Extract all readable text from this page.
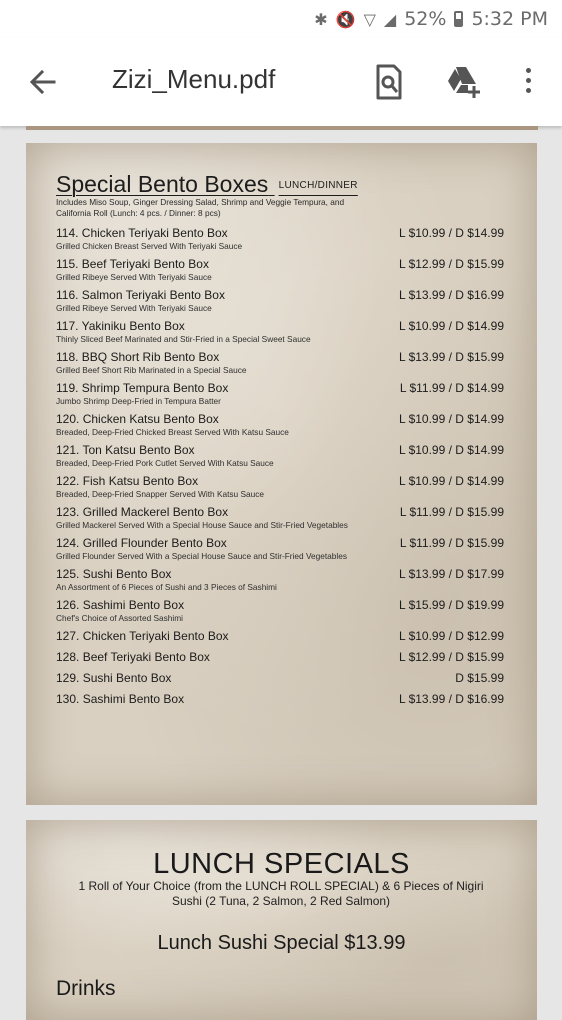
✱ 🔇 ▽ ◢ 52% 5:32 PM
Zizi_Menu.pdf
Special Bento Boxes LUNCH/DINNER
Includes Miso Soup, Ginger Dressing Salad, Shrimp and Veggie Tempura, and California Roll (Lunch: 4 pcs. / Dinner: 8 pcs)
114. Chicken Teriyaki Bento Box
Grilled Chicken Breast Served With Teriyaki Sauce
L $10.99 / D $14.99
115. Beef Teriyaki Bento Box
Grilled Ribeye Served With Teriyaki Sauce
L $12.99 / D $15.99
116. Salmon Teriyaki Bento Box
Grilled Ribeye Served With Teriyaki Sauce
L $13.99 / D $16.99
117. Yakiniku Bento Box
Thinly Sliced Beef Marinated and Stir-Fried in a Special Sweet Sauce
L $10.99 / D $14.99
118. BBQ Short Rib Bento Box
Grilled Beef Short Rib Marinated in a Special Sauce
L $13.99 / D $15.99
119. Shrimp Tempura Bento Box
Jumbo Shrimp Deep-Fried in Tempura Batter
L $11.99 / D $14.99
120. Chicken Katsu Bento Box
Breaded, Deep-Fried Chicked Breast Served With Katsu Sauce
L $10.99 / D $14.99
121. Ton Katsu Bento Box
Breaded, Deep-Fried Pork Cutlet Served With Katsu Sauce
L $10.99 / D $14.99
122. Fish Katsu Bento Box
Breaded, Deep-Fried Snapper Served With Katsu Sauce
L $10.99 / D $14.99
123. Grilled Mackerel Bento Box
Grilled Mackerel Served With a Special House Sauce and Stir-Fried Vegetables
L $11.99 / D $15.99
124. Grilled Flounder Bento Box
Grilled Flounder Served With a Special House Sauce and Stir-Fried Vegetables
L $11.99 / D $15.99
125. Sushi Bento Box
An Assortment of 6 Pieces of Sushi and 3 Pieces of Sashimi
L $13.99 / D $17.99
126. Sashimi Bento Box
Chef's Choice of Assorted Sashimi
L $15.99 / D $19.99
127. Chicken Teriyaki Bento Box	L $10.99 / D $12.99
128. Beef Teriyaki Bento Box	L $12.99 / D $15.99
129. Sushi Bento Box	D $15.99
130. Sashimi Bento Box	L $13.99 / D $16.99
LUNCH SPECIALS
1 Roll of Your Choice (from the LUNCH ROLL SPECIAL) & 6 Pieces of Nigiri Sushi (2 Tuna, 2 Salmon, 2 Red Salmon)
Lunch Sushi Special $13.99
Drinks
